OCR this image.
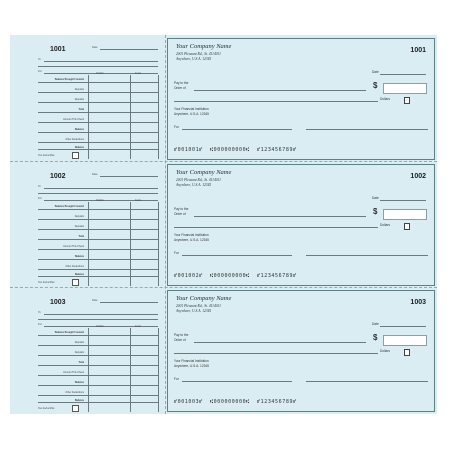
1001	Date
To
For
Dollars	Cents
Balance Brought Forward
Deposits
Deposits
Total
Amount This Check
Balance
Other Deductions
Balance
Tax deductible
1002	Date
To
For
Dollars	Cents
Balance Brought Forward
Deposits
Deposits
Total
Amount This Check
Balance
Other Deductions
Balance
Tax deductible
1003	Date
To
For
Dollars	Cents
Balance Brought Forward
Deposits
Deposits
Total
Amount This Check
Balance
Other Deductions
Balance
Tax deductible
Your Company Name
2001 Pleasant Rd., St. 4114011
Anywhere, U.S.A. 12345
1001
Date
Pay to the
Order of	$
Dollars
Your Financial Institution
Anywhere, U.S.A. 12345
For
⑈001001⑈  ⑆000000000⑆  ⑈123456789⑈
Your Company Name
2001 Pleasant Rd., St. 4114011
Anywhere, U.S.A. 12345
1002
Date
Pay to the
Order of	$
Dollars
Your Financial Institution
Anywhere, U.S.A. 12345
For
⑈001002⑈  ⑆000000000⑆  ⑈123456789⑈
Your Company Name
2001 Pleasant Rd., St. 4114011
Anywhere, U.S.A. 12345
1003
Date
Pay to the
Order of	$
Dollars
Your Financial Institution
Anywhere, U.S.A. 12345
For
⑈001003⑈  ⑆000000000⑆  ⑈123456789⑈
